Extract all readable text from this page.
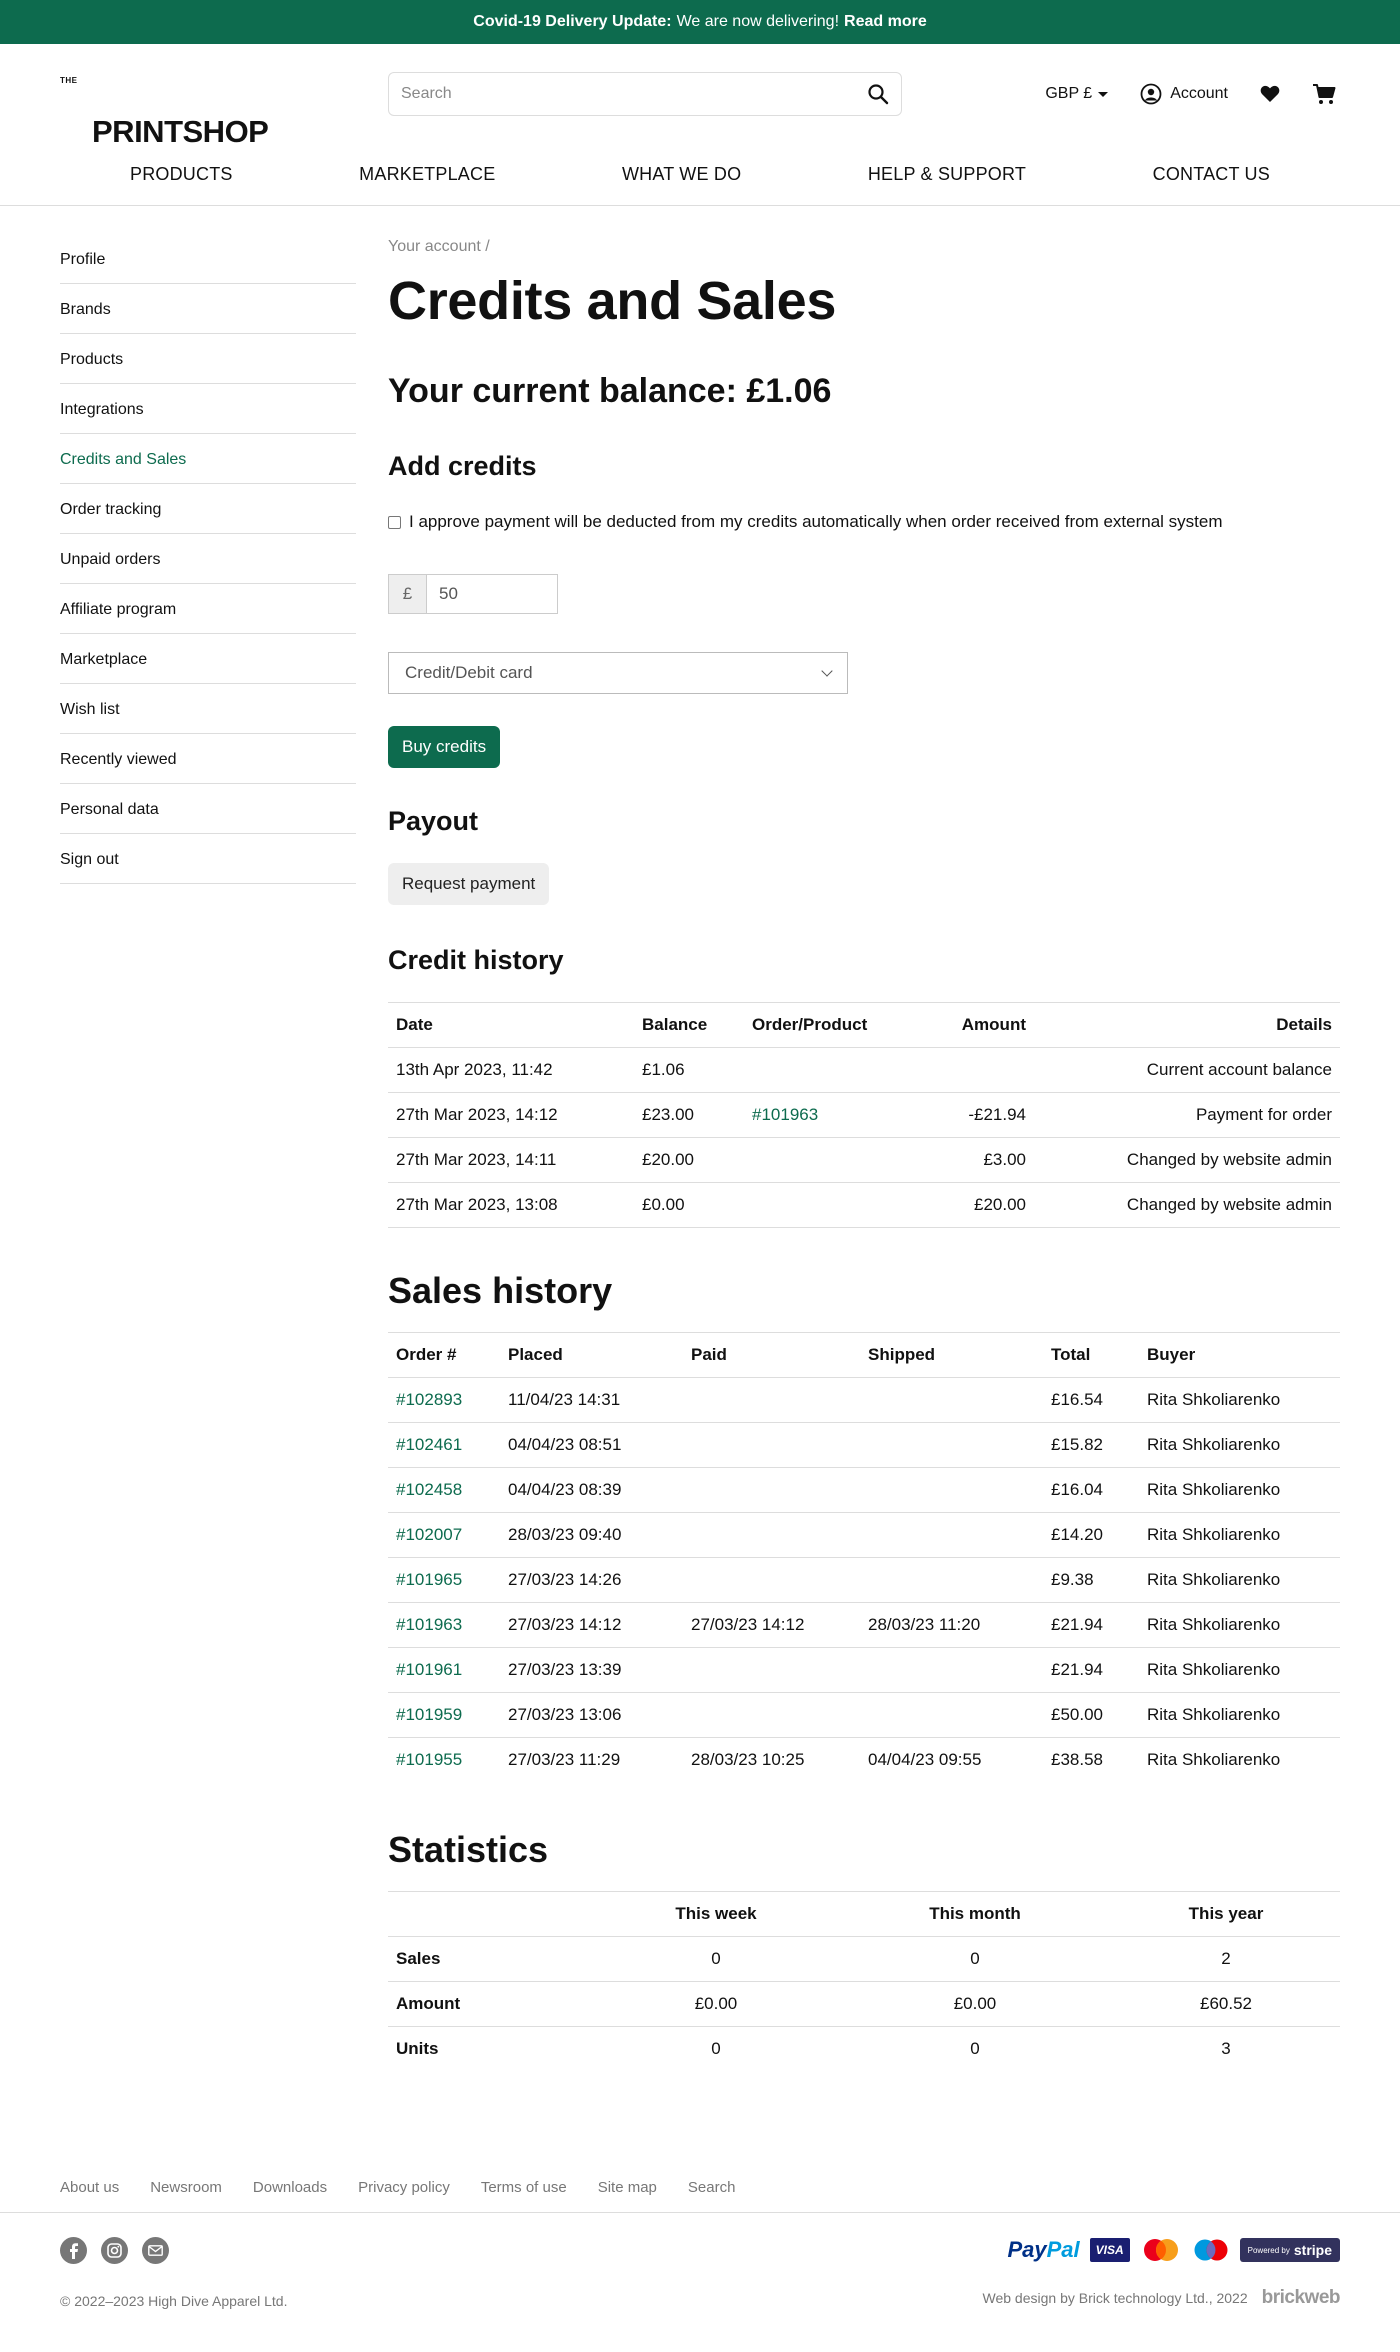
Covid-19 Delivery Update: We are now delivering! Read more
THE
PRINTSHOP
Search
GBP £	Account
PRODUCTS	MARKETPLACE	WHAT WE DO	HELP & SUPPORT	CONTACT US
Profile
Brands
Products
Integrations
Credits and Sales
Order tracking
Unpaid orders
Affiliate program
Marketplace
Wish list
Recently viewed
Personal data
Sign out
Your account /
Credits and Sales
Your current balance: £1.06
Add credits
I approve payment will be deducted from my credits automatically when order received from external system
£	50
Credit/Debit card
Buy credits
Payout
Request payment
Credit history
Date	Balance	Order/Product	Amount	Details
13th Apr 2023, 11:42	£1.06			Current account balance
27th Mar 2023, 14:12	£23.00	#101963	-£21.94	Payment for order
27th Mar 2023, 14:11	£20.00		£3.00	Changed by website admin
27th Mar 2023, 13:08	£0.00		£20.00	Changed by website admin
Sales history
Order #	Placed	Paid	Shipped	Total	Buyer
#102893	11/04/23 14:31			£16.54	Rita Shkoliarenko
#102461	04/04/23 08:51			£15.82	Rita Shkoliarenko
#102458	04/04/23 08:39			£16.04	Rita Shkoliarenko
#102007	28/03/23 09:40			£14.20	Rita Shkoliarenko
#101965	27/03/23 14:26			£9.38	Rita Shkoliarenko
#101963	27/03/23 14:12	27/03/23 14:12	28/03/23 11:20	£21.94	Rita Shkoliarenko
#101961	27/03/23 13:39			£21.94	Rita Shkoliarenko
#101959	27/03/23 13:06			£50.00	Rita Shkoliarenko
#101955	27/03/23 11:29	28/03/23 10:25	04/04/23 09:55	£38.58	Rita Shkoliarenko
Statistics
	This week	This month	This year
Sales	0	0	2
Amount	£0.00	£0.00	£60.52
Units	0	0	3
About us Newsroom Downloads Privacy policy Terms of use Site map Search
PayPal	VISA	Powered by stripe
© 2022–2023 High Dive Apparel Ltd.	Web design by Brick technology Ltd., 2022 brickweb
